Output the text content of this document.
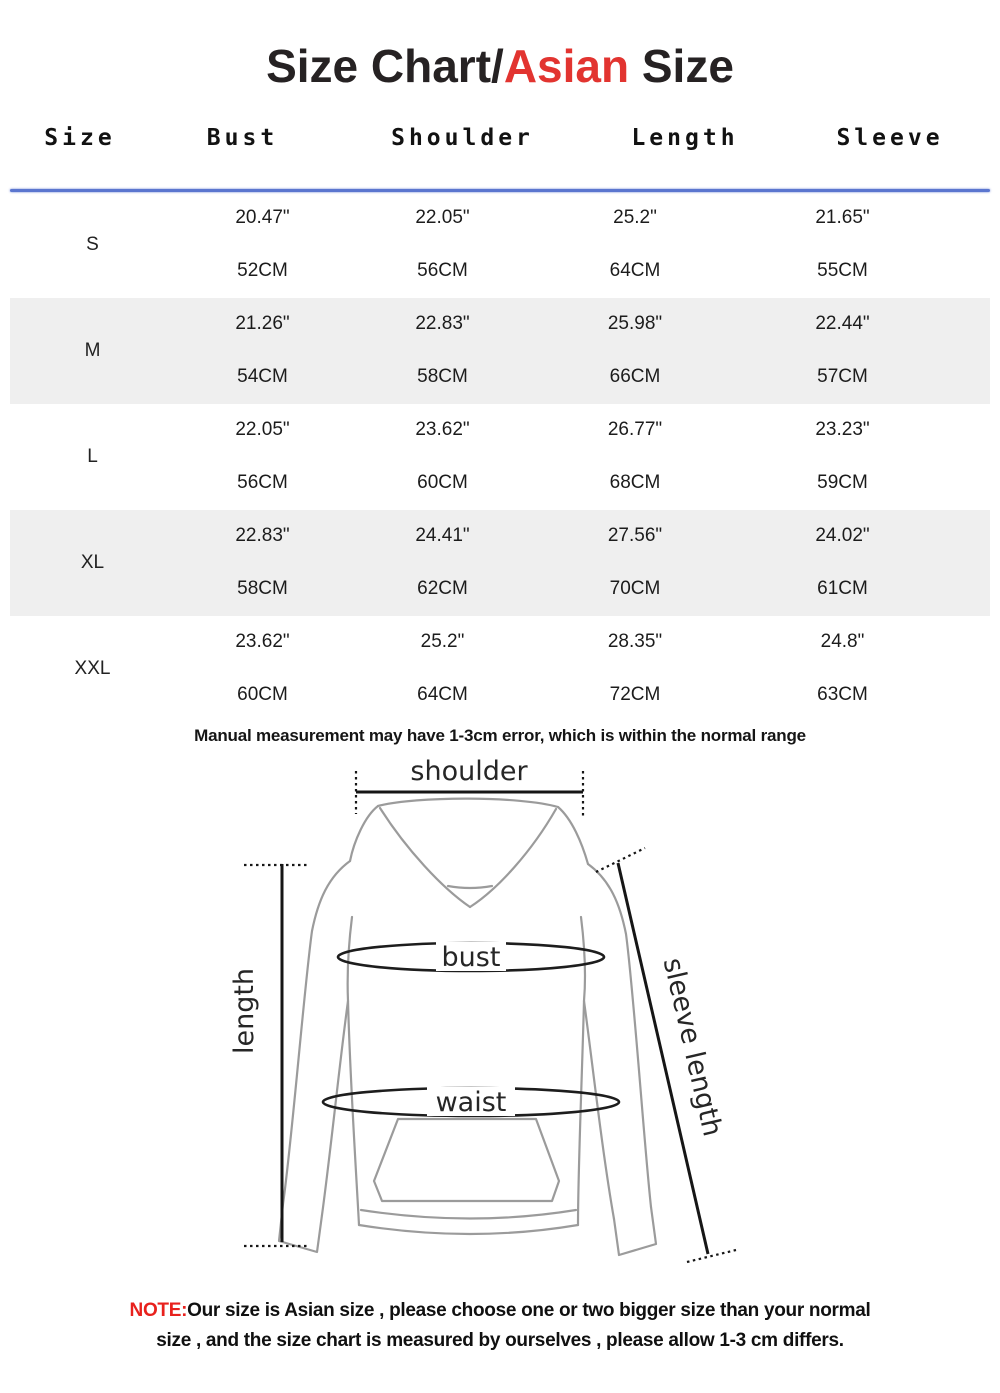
Size Chart/Asian Size
Size	Bust	Shoulder	Length	Sleeve
S
20.47"	22.05"	25.2"	21.65"
52CM	56CM	64CM	55CM
M
21.26"	22.83"	25.98"	22.44"
54CM	58CM	66CM	57CM
L
22.05"	23.62"	26.77"	23.23"
56CM	60CM	68CM	59CM
XL
22.83"	24.41"	27.56"	24.02"
58CM	62CM	70CM	61CM
XXL
23.62"	25.2"	28.35"	24.8"
60CM	64CM	72CM	63CM

Manual measurement may have 1-3cm error, which is within the normal range

shoulder
length
bust
waist	sleeve length

NOTE:Our size is Asian size , please choose one or two bigger size than your normal
size , and the size chart is measured by ourselves , please allow 1-3 cm differs.
